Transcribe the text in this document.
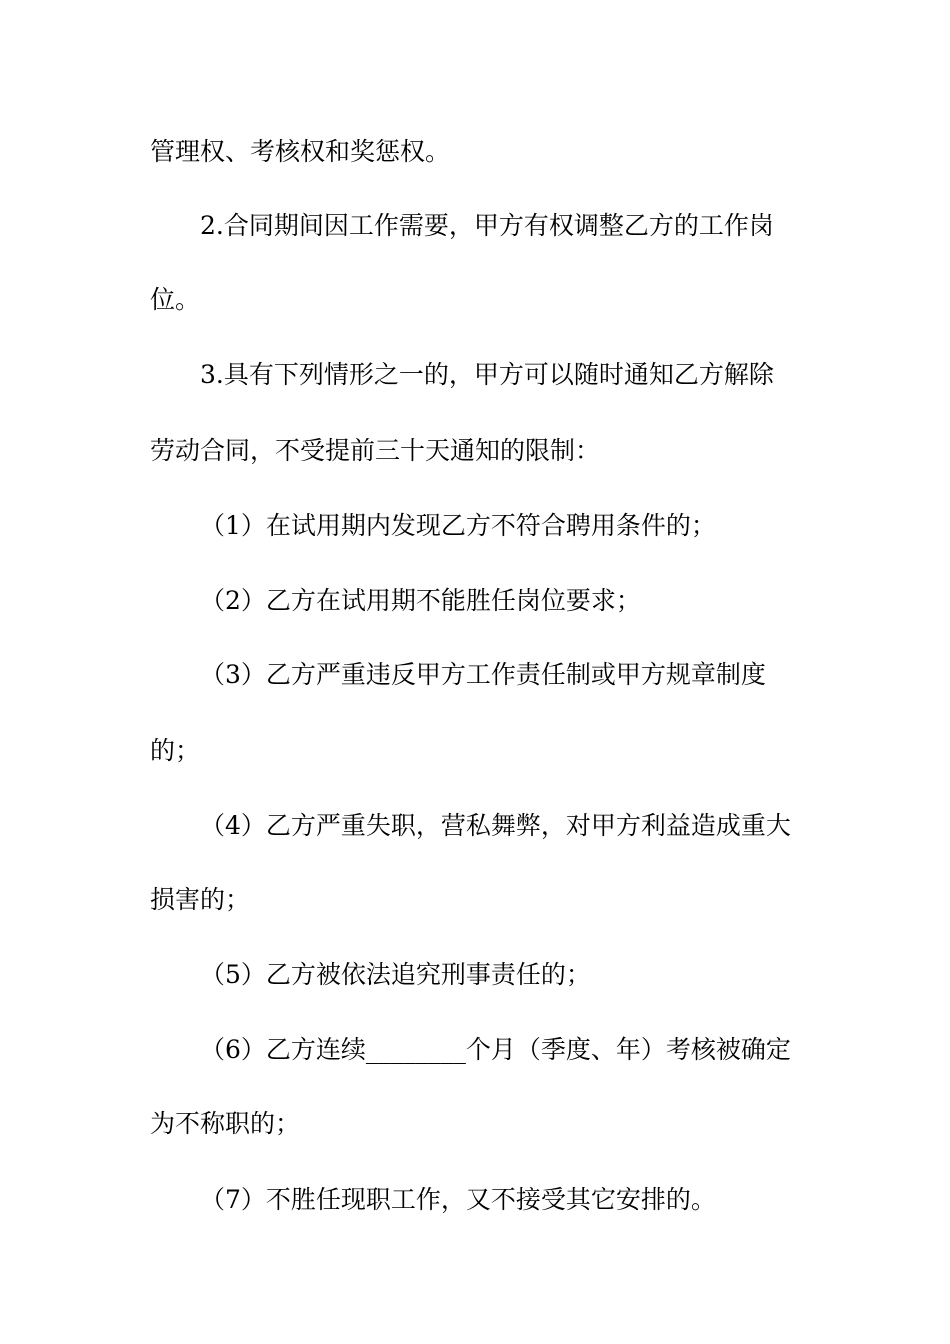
管理权、考核权和奖惩权。
2.合同期间因工作需要，甲方有权调整乙方的工作岗
位。
3.具有下列情形之一的，甲方可以随时通知乙方解除
劳动合同，不受提前三十天通知的限制：
（1）在试用期内发现乙方不符合聘用条件的；
（2）乙方在试用期不能胜任岗位要求；
（3）乙方严重违反甲方工作责任制或甲方规章制度
的；
（4）乙方严重失职，营私舞弊，对甲方利益造成重大
损害的；
（5）乙方被依法追究刑事责任的；
（6）乙方连续________个月（季度、年）考核被确定
为不称职的；
（7）不胜任现职工作，又不接受其它安排的。
